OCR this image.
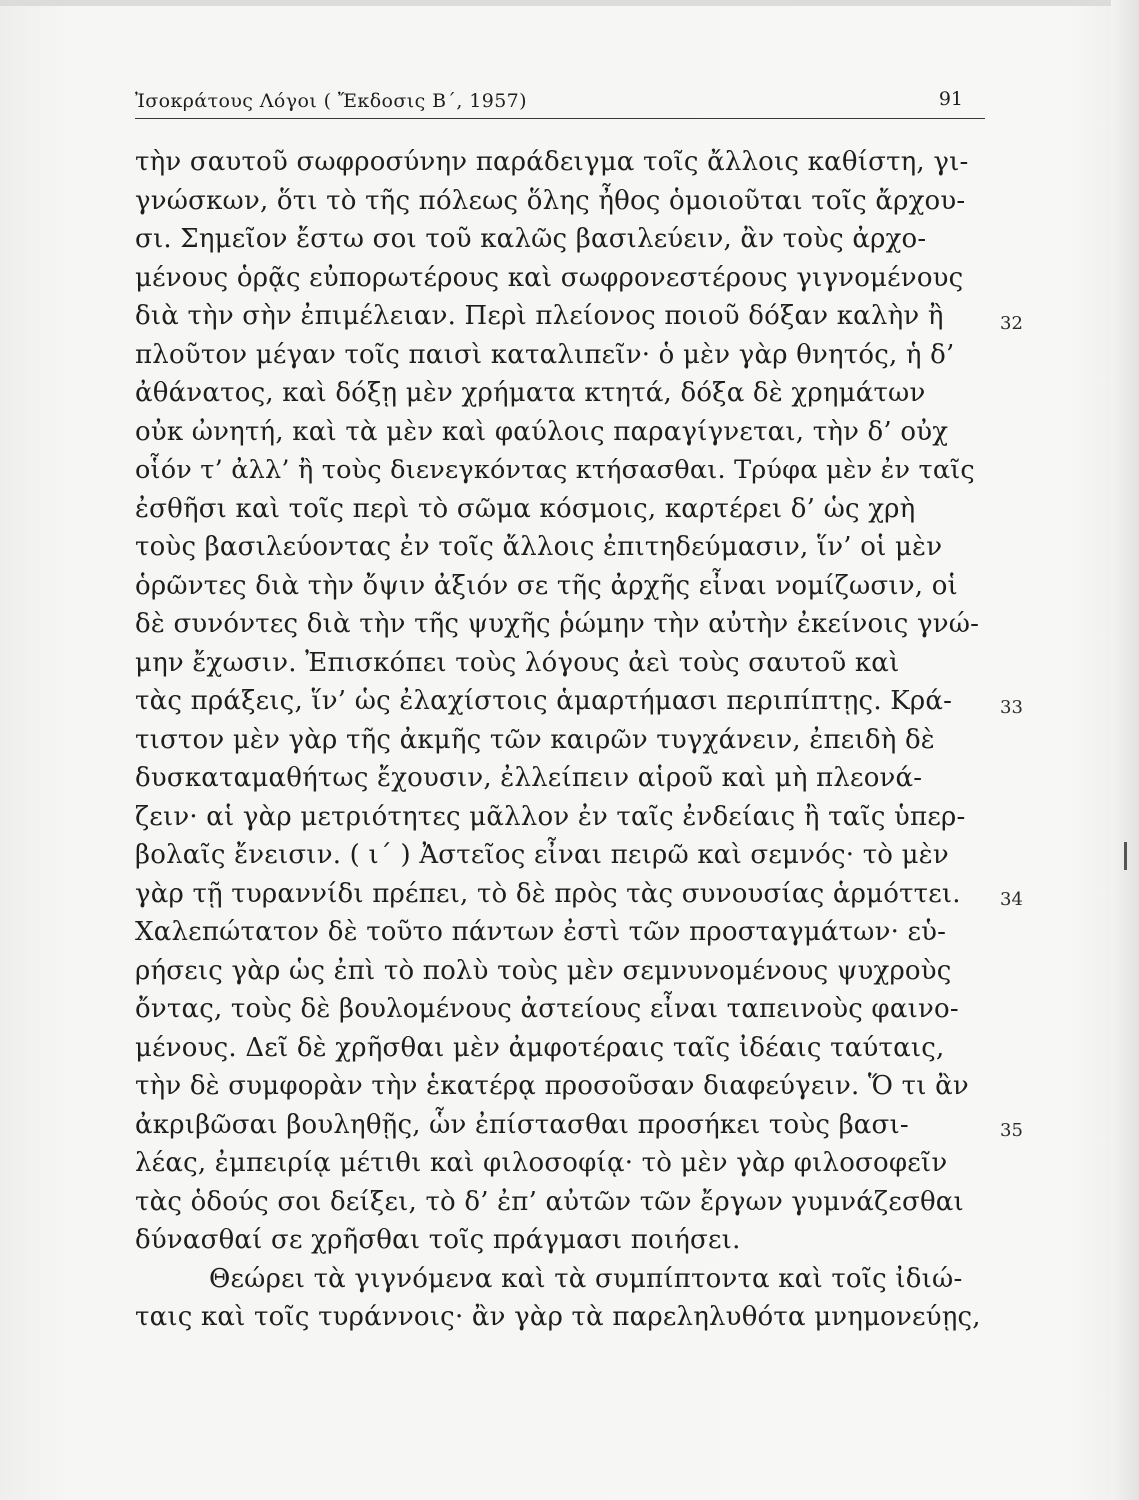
Ἰσοκράτους Λόγοι ( Ἔκδοσις Β΄, 1957)	91
τὴν σαυτοῦ σωφροσύνην παράδειγμα τοῖς ἄλλοις καθίστη, γι-
γνώσκων, ὅτι τὸ τῆς πόλεως ὅλης ἦθος ὁμοιοῦται τοῖς ἄρχου-
σι. Σημεῖον ἔστω σοι τοῦ καλῶς βασιλεύειν, ἂν τοὺς ἀρχο-
μένους ὁρᾷς εὐπορωτέρους καὶ σωφρονεστέρους γιγνομένους
διὰ τὴν σὴν ἐπιμέλειαν. Περὶ πλείονος ποιοῦ δόξαν καλὴν ἢ
πλοῦτον μέγαν τοῖς παισὶ καταλιπεῖν· ὁ μὲν γὰρ θνητός, ἡ δ’
ἀθάνατος, καὶ δόξῃ μὲν χρήματα κτητά, δόξα δὲ χρημάτων
οὐκ ὠνητή, καὶ τὰ μὲν καὶ φαύλοις παραγίγνεται, τὴν δ’ οὐχ
οἷόν τ’ ἀλλ’ ἢ τοὺς διενεγκόντας κτήσασθαι. Τρύφα μὲν ἐν ταῖς
ἐσθῆσι καὶ τοῖς περὶ τὸ σῶμα κόσμοις, καρτέρει δ’ ὡς χρὴ
τοὺς βασιλεύοντας ἐν τοῖς ἄλλοις ἐπιτηδεύμασιν, ἵν’ οἱ μὲν
ὁρῶντες διὰ τὴν ὄψιν ἀξιόν σε τῆς ἀρχῆς εἶναι νομίζωσιν, οἱ
δὲ συνόντες διὰ τὴν τῆς ψυχῆς ῥώμην τὴν αὐτὴν ἐκείνοις γνώ-
μην ἔχωσιν. Ἐπισκόπει τοὺς λόγους ἀεὶ τοὺς σαυτοῦ καὶ
τὰς πράξεις, ἵν’ ὡς ἐλαχίστοις ἁμαρτήμασι περιπίπτῃς. Κρά-
τιστον μὲν γὰρ τῆς ἀκμῆς τῶν καιρῶν τυγχάνειν, ἐπειδὴ δὲ
δυσκαταμαθήτως ἔχουσιν, ἐλλείπειν αἱροῦ καὶ μὴ πλεονά-
ζειν· αἱ γὰρ μετριότητες μᾶλλον ἐν ταῖς ἐνδείαις ἢ ταῖς ὑπερ-
βολαῖς ἔνεισιν. ( ι΄ ) Ἀστεῖος εἶναι πειρῶ καὶ σεμνός· τὸ μὲν
γὰρ τῇ τυραννίδι πρέπει, τὸ δὲ πρὸς τὰς συνουσίας ἁρμόττει.
Χαλεπώτατον δὲ τοῦτο πάντων ἐστὶ τῶν προσταγμάτων· εὑ-
ρήσεις γὰρ ὡς ἐπὶ τὸ πολὺ τοὺς μὲν σεμνυνομένους ψυχροὺς
ὄντας, τοὺς δὲ βουλομένους ἀστείους εἶναι ταπεινοὺς φαινο-
μένους. Δεῖ δὲ χρῆσθαι μὲν ἀμφοτέραις ταῖς ἰδέαις ταύταις,
τὴν δὲ συμφορὰν τὴν ἑκατέρᾳ προσοῦσαν διαφεύγειν. Ὅ τι ἂν
ἀκριβῶσαι βουληθῇς, ὧν ἐπίστασθαι προσήκει τοὺς βασι-
λέας, ἐμπειρίᾳ μέτιθι καὶ φιλοσοφίᾳ· τὸ μὲν γὰρ φιλοσοφεῖν
τὰς ὁδούς σοι δείξει, τὸ δ’ ἐπ’ αὐτῶν τῶν ἔργων γυμνάζεσθαι
δύνασθαί σε χρῆσθαι τοῖς πράγμασι ποιήσει.
Θεώρει τὰ γιγνόμενα καὶ τὰ συμπίπτοντα καὶ τοῖς ἰδιώ-
ταις καὶ τοῖς τυράννοις· ἂν γὰρ τὰ παρεληλυθότα μνημονεύῃς,
32
33
34
35
